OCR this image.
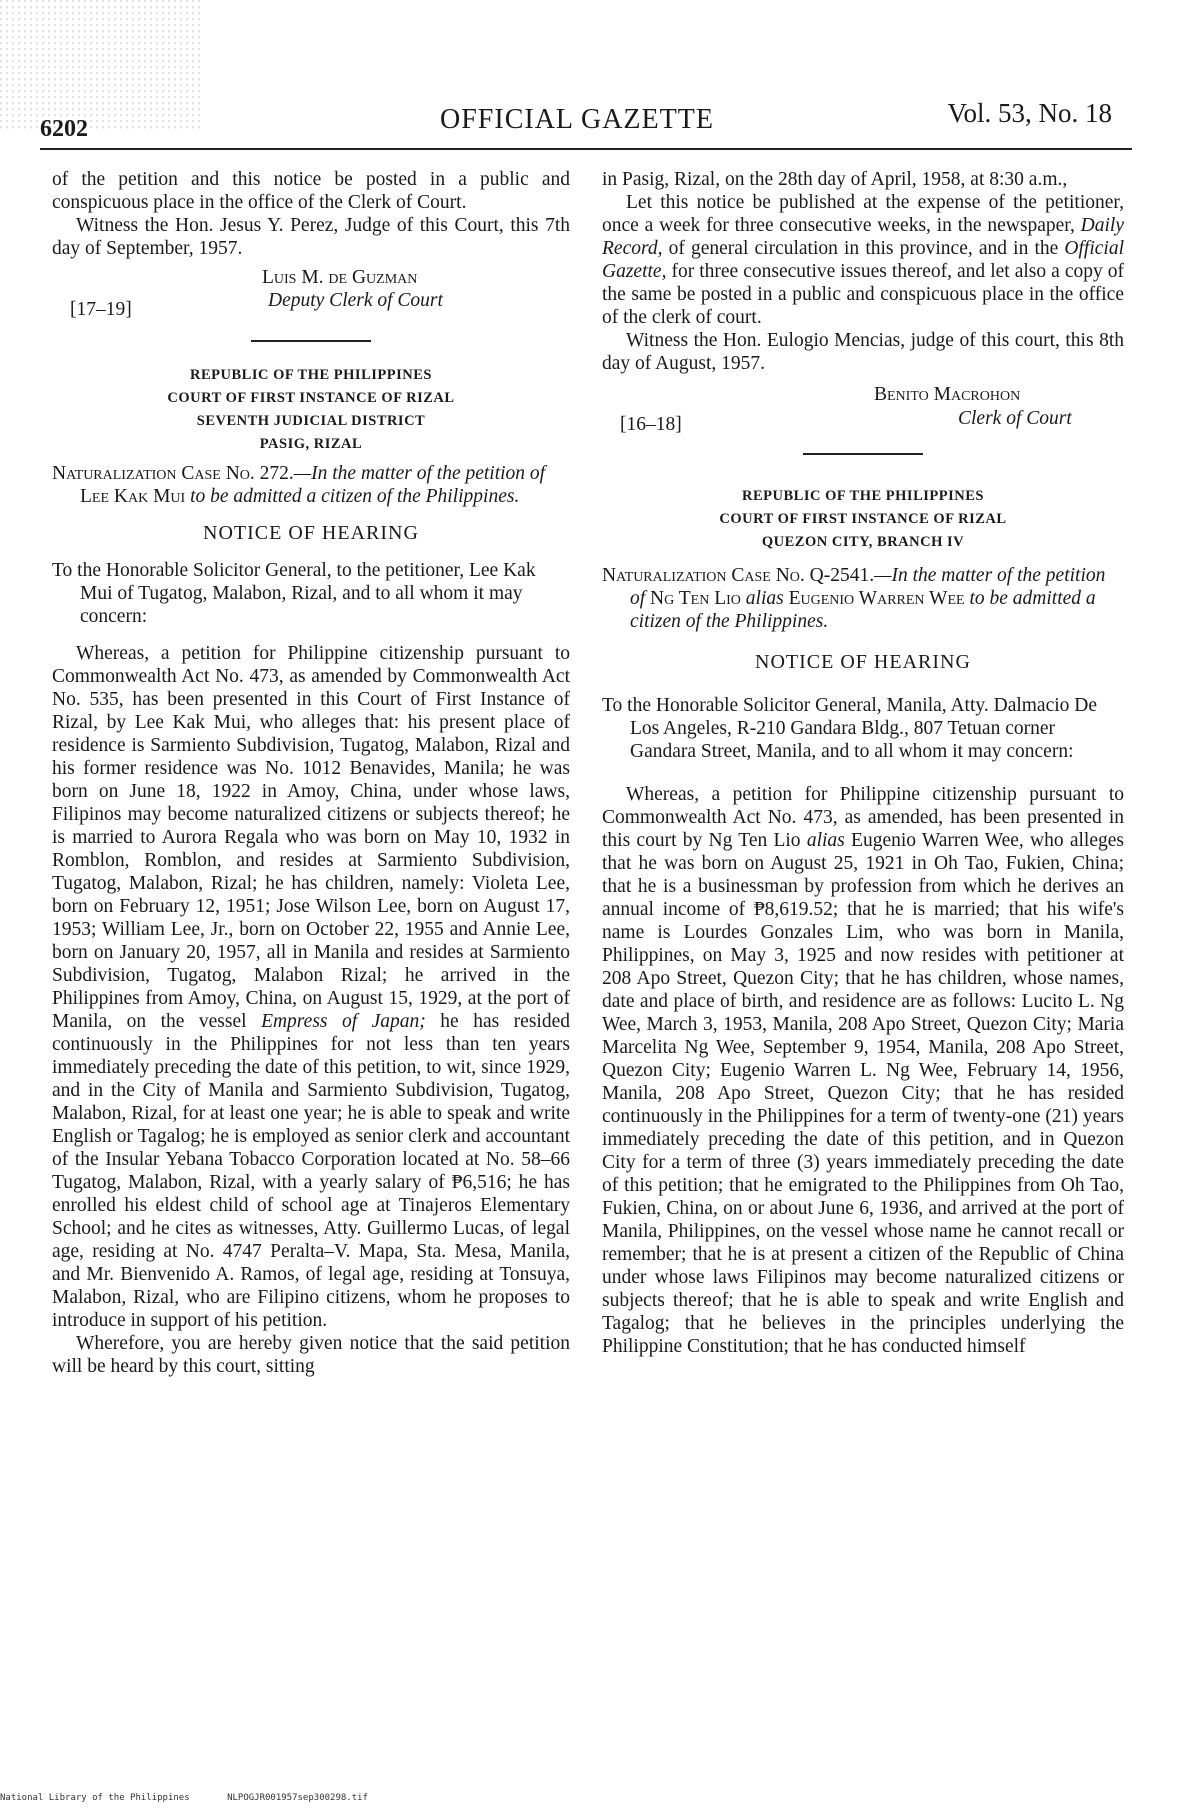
6202	OFFICIAL GAZETTE	Vol. 53, No. 18

of the petition and this notice be posted in a public and conspicuous place in the office of the Clerk of Court.

Witness the Hon. Jesus Y. Perez, Judge of this Court, this 7th day of September, 1957.

Luis M. de Guzman
Deputy Clerk of Court
[17–19]
REPUBLIC OF THE PHILIPPINES
COURT OF FIRST INSTANCE OF RIZAL
SEVENTH JUDICIAL DISTRICT
PASIG, RIZAL

Naturalization Case No. 272.—In the matter of the petition of Lee Kak Mui to be admitted a citizen of the Philippines.

NOTICE OF HEARING

To the Honorable Solicitor General, to the petitioner, Lee Kak Mui of Tugatog, Malabon, Rizal, and to all whom it may concern:

Whereas, a petition for Philippine citizenship pursuant to Commonwealth Act No. 473, as amended by Commonwealth Act No. 535, has been presented in this Court of First Instance of Rizal, by Lee Kak Mui, who alleges that: his present place of residence is Sarmiento Subdivision, Tugatog, Malabon, Rizal and his former residence was No. 1012 Benavides, Manila; he was born on June 18, 1922 in Amoy, China, under whose laws, Filipinos may become naturalized citizens or subjects thereof; he is married to Aurora Regala who was born on May 10, 1932 in Romblon, Romblon, and resides at Sarmiento Subdivision, Tugatog, Malabon, Rizal; he has children, namely: Violeta Lee, born on February 12, 1951; Jose Wilson Lee, born on August 17, 1953; William Lee, Jr., born on October 22, 1955 and Annie Lee, born on January 20, 1957, all in Manila and resides at Sarmiento Subdivision, Tugatog, Malabon Rizal; he arrived in the Philippines from Amoy, China, on August 15, 1929, at the port of Manila, on the vessel Empress of Japan; he has resided continuously in the Philippines for not less than ten years immediately preceding the date of this petition, to wit, since 1929, and in the City of Manila and Sarmiento Subdivision, Tugatog, Malabon, Rizal, for at least one year; he is able to speak and write English or Tagalog; he is employed as senior clerk and accountant of the Insular Yebana Tobacco Corporation located at No. 58–66 Tugatog, Malabon, Rizal, with a yearly salary of ₱6,516; he has enrolled his eldest child of school age at Tinajeros Elementary School; and he cites as witnesses, Atty. Guillermo Lucas, of legal age, residing at No. 4747 Peralta–V. Mapa, Sta. Mesa, Manila, and Mr. Bienvenido A. Ramos, of legal age, residing at Tonsuya, Malabon, Rizal, who are Filipino citizens, whom he proposes to introduce in support of his petition.

Wherefore, you are hereby given notice that the said petition will be heard by this court, sitting

in Pasig, Rizal, on the 28th day of April, 1958, at 8:30 a.m.,

Let this notice be published at the expense of the petitioner, once a week for three consecutive weeks, in the newspaper, Daily Record, of general circulation in this province, and in the Official Gazette, for three consecutive issues thereof, and let also a copy of the same be posted in a public and conspicuous place in the office of the clerk of court.

Witness the Hon. Eulogio Mencias, judge of this court, this 8th day of August, 1957.

Benito Macrohon
Clerk of Court
[16–18]
REPUBLIC OF THE PHILIPPINES
COURT OF FIRST INSTANCE OF RIZAL
QUEZON CITY, BRANCH IV

Naturalization Case No. Q-2541.—In the matter of the petition of Ng Ten Lio alias Eugenio Warren Wee to be admitted a citizen of the Philippines.

NOTICE OF HEARING

To the Honorable Solicitor General, Manila, Atty. Dalmacio De Los Angeles, R-210 Gandara Bldg., 807 Tetuan corner Gandara Street, Manila, and to all whom it may concern:

Whereas, a petition for Philippine citizenship pursuant to Commonwealth Act No. 473, as amended, has been presented in this court by Ng Ten Lio alias Eugenio Warren Wee, who alleges that he was born on August 25, 1921 in Oh Tao, Fukien, China; that he is a businessman by profession from which he derives an annual income of ₱8,619.52; that he is married; that his wife's name is Lourdes Gonzales Lim, who was born in Manila, Philippines, on May 3, 1925 and now resides with petitioner at 208 Apo Street, Quezon City; that he has children, whose names, date and place of birth, and residence are as follows: Lucito L. Ng Wee, March 3, 1953, Manila, 208 Apo Street, Quezon City; Maria Marcelita Ng Wee, September 9, 1954, Manila, 208 Apo Street, Quezon City; Eugenio Warren L. Ng Wee, February 14, 1956, Manila, 208 Apo Street, Quezon City; that he has resided continuously in the Philippines for a term of twenty-one (21) years immediately preceding the date of this petition, and in Quezon City for a term of three (3) years immediately preceding the date of this petition; that he emigrated to the Philippines from Oh Tao, Fukien, China, on or about June 6, 1936, and arrived at the port of Manila, Philippines, on the vessel whose name he cannot recall or remember; that he is at present a citizen of the Republic of China under whose laws Filipinos may become naturalized citizens or subjects thereof; that he is able to speak and write English and Tagalog; that he believes in the principles underlying the Philippine Constitution; that he has conducted himself

National Library of the Philippines	NLPOGJR001957sep300298.tif
